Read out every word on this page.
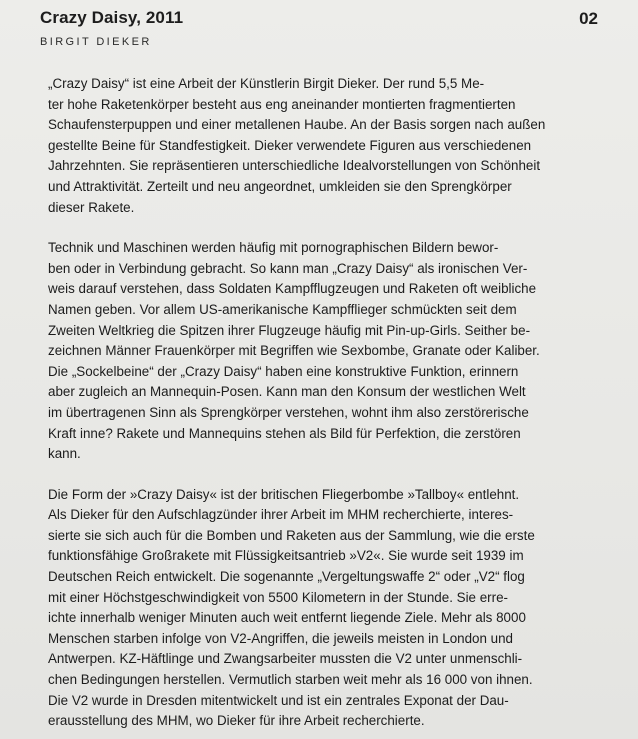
Crazy Daisy, 2011	02
BIRGIT DIEKER

„Crazy Daisy“ ist eine Arbeit der Künstlerin Birgit Dieker. Der rund 5,5 Me-
ter hohe Raketenkörper besteht aus eng aneinander montierten fragmentierten
Schaufensterpuppen und einer metallenen Haube. An der Basis sorgen nach außen
gestellte Beine für Standfestigkeit. Dieker verwendete Figuren aus verschiedenen
Jahrzehnten. Sie repräsentieren unterschiedliche Idealvorstellungen von Schönheit
und Attraktivität. Zerteilt und neu angeordnet, umkleiden sie den Sprengkörper
dieser Rakete.

Technik und Maschinen werden häufig mit pornographischen Bildern bewor-
ben oder in Verbindung gebracht. So kann man „Crazy Daisy“ als ironischen Ver-
weis darauf verstehen, dass Soldaten Kampfflugzeugen und Raketen oft weibliche
Namen geben. Vor allem US-amerikanische Kampfflieger schmückten seit dem
Zweiten Weltkrieg die Spitzen ihrer Flugzeuge häufig mit Pin-up-Girls. Seither be-
zeichnen Männer Frauenkörper mit Begriffen wie Sexbombe, Granate oder Kaliber.
Die „Sockelbeine“ der „Crazy Daisy“ haben eine konstruktive Funktion, erinnern
aber zugleich an Mannequin-Posen. Kann man den Konsum der westlichen Welt
im übertragenen Sinn als Sprengkörper verstehen, wohnt ihm also zerstörerische
Kraft inne? Rakete und Mannequins stehen als Bild für Perfektion, die zerstören
kann.

Die Form der »Crazy Daisy« ist der britischen Fliegerbombe »Tallboy« entlehnt.
Als Dieker für den Aufschlagzünder ihrer Arbeit im MHM recherchierte, interes-
sierte sie sich auch für die Bomben und Raketen aus der Sammlung, wie die erste
funktionsfähige Großrakete mit Flüssigkeitsantrieb »V2«. Sie wurde seit 1939 im
Deutschen Reich entwickelt. Die sogenannte „Vergeltungswaffe 2“ oder „V2“ flog
mit einer Höchstgeschwindigkeit von 5500 Kilometern in der Stunde. Sie erre-
ichte innerhalb weniger Minuten auch weit entfernt liegende Ziele. Mehr als 8000
Menschen starben infolge von V2-Angriffen, die jeweils meisten in London und
Antwerpen. KZ-Häftlinge und Zwangsarbeiter mussten die V2 unter unmenschli-
chen Bedingungen herstellen. Vermutlich starben weit mehr als 16 000 von ihnen.
Die V2 wurde in Dresden mitentwickelt und ist ein zentrales Exponat der Dau-
erausstellung des MHM, wo Dieker für ihre Arbeit recherchierte.
